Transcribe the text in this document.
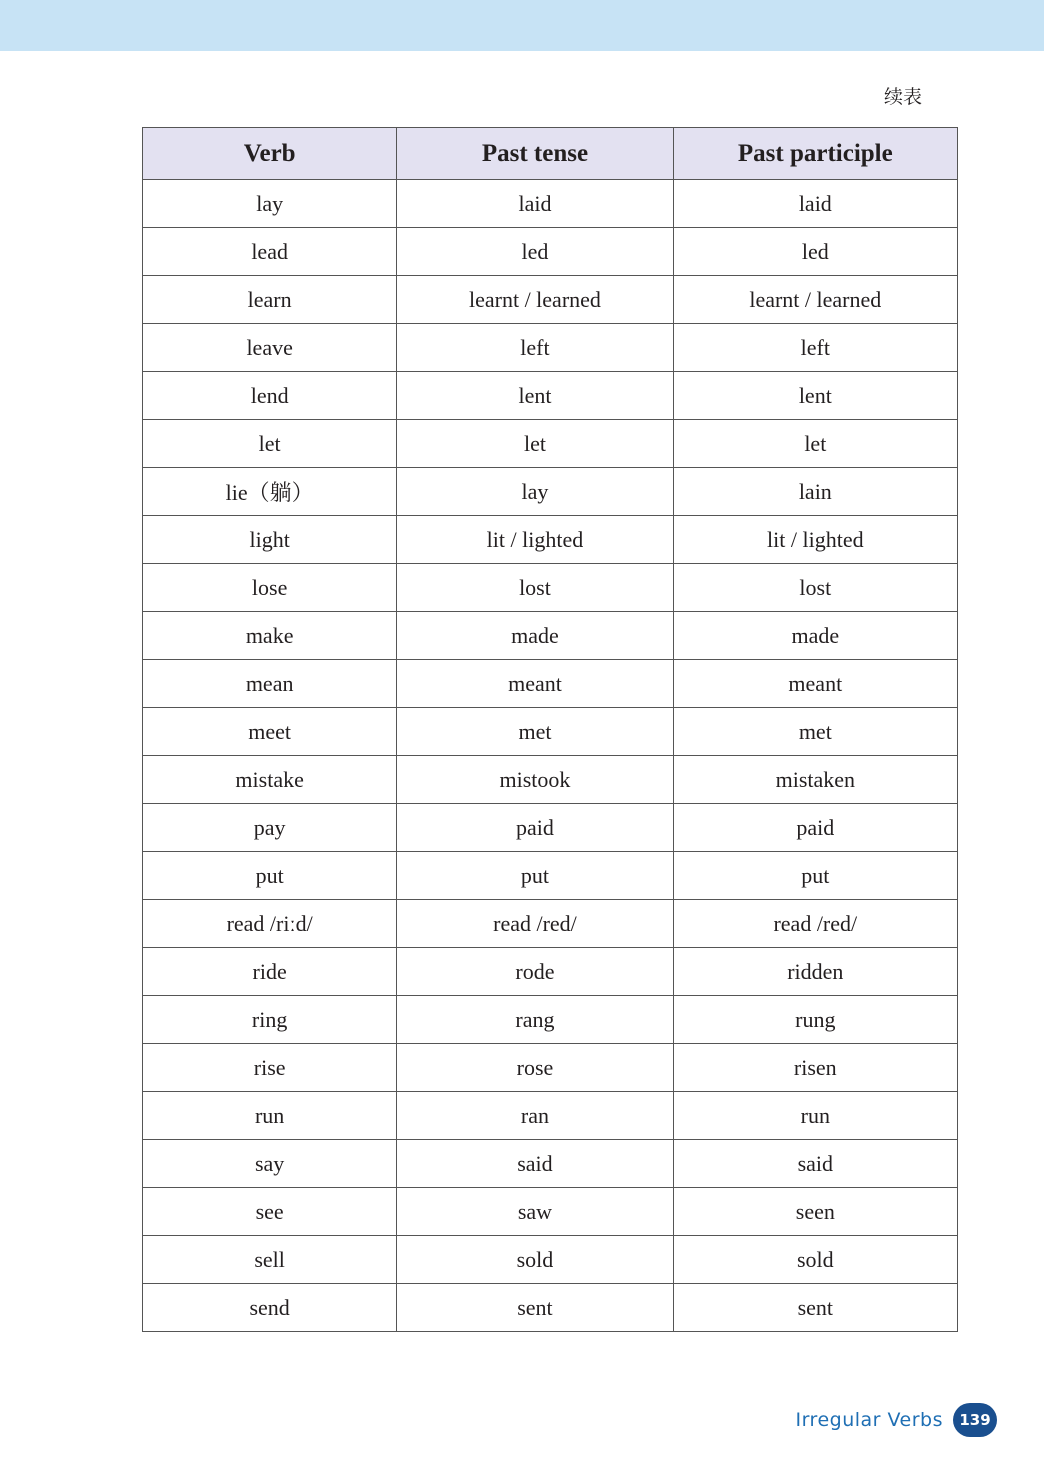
续表
Verb	Past tense	Past participle
lay	laid	laid
lead	led	led
learn	learnt / learned	learnt / learned
leave	left	left
lend	lent	lent
let	let	let
lie（躺）	lay	lain
light	lit / lighted	lit / lighted
lose	lost	lost
make	made	made
mean	meant	meant
meet	met	met
mistake	mistook	mistaken
pay	paid	paid
put	put	put
read /riːd/	read /red/	read /red/
ride	rode	ridden
ring	rang	rung
rise	rose	risen
run	ran	run
say	said	said
see	saw	seen
sell	sold	sold
send	sent	sent
Irregular Verbs	139
